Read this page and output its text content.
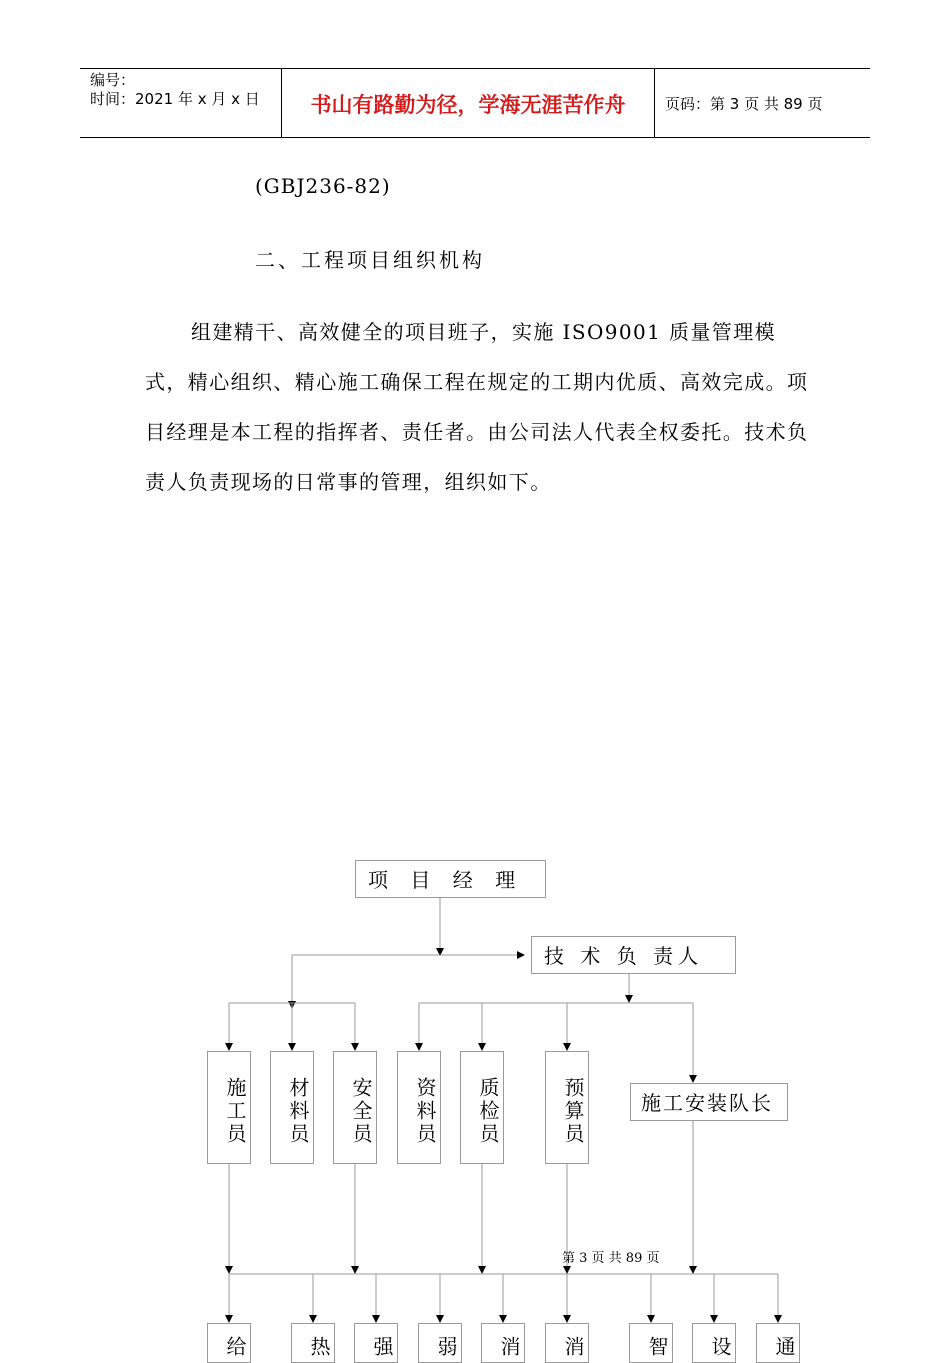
编号：
时间：2021 年 x 月 x 日	书山有路勤为径，学海无涯苦作舟	页码：第 3 页 共 89 页
(GBJ236-82)
二、工程项目组织机构
组建精干、高效健全的项目班子，实施 ISO9001 质量管理模式，精心组织、精心施工确保工程在规定的工期内优质、高效完成。项目经理是本工程的指挥者、责任者。由公司法人代表全权委托。技术负责人负责现场的日常事的管理，组织如下。
项 目 经 理
技 术 负 责人
施工安装队长
施工员	材料员	安全员	资料员	质检员	预算员
给	热	强	弱	消	消	智	设	通
第 3 页 共 89 页
